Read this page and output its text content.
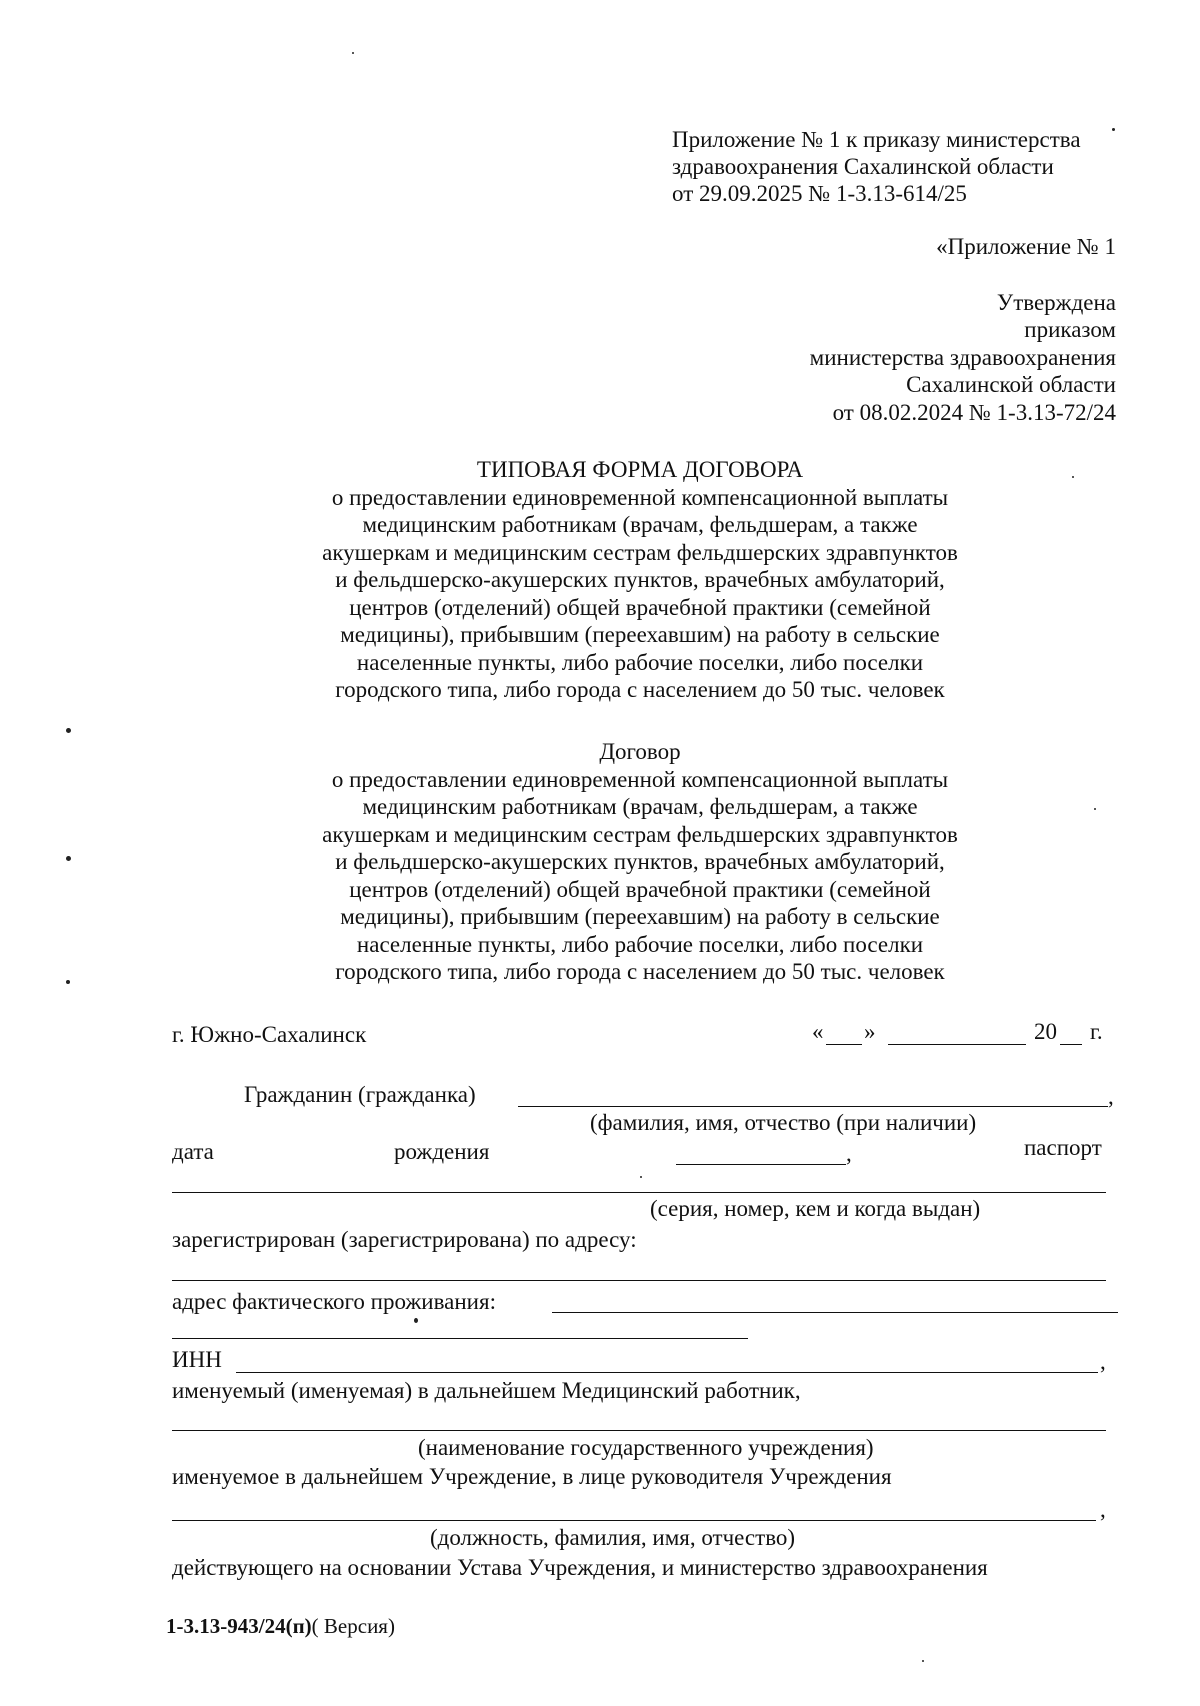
Приложение № 1 к приказу министерства
здравоохранения Сахалинской области
от 29.09.2025 № 1-3.13-614/25
«Приложение № 1
Утверждена
приказом
министерства здравоохранения
Сахалинской области
от 08.02.2024 № 1-3.13-72/24
ТИПОВАЯ ФОРМА ДОГОВОРА
о предоставлении единовременной компенсационной выплаты
медицинским работникам (врачам, фельдшерам, а также
акушеркам и медицинским сестрам фельдшерских здравпунктов
и фельдшерско-акушерских пунктов, врачебных амбулаторий,
центров (отделений) общей врачебной практики (семейной
медицины), прибывшим (переехавшим) на работу в сельские
населенные пункты, либо рабочие поселки, либо поселки
городского типа, либо города с населением до 50 тыс. человек
Договор
о предоставлении единовременной компенсационной выплаты
медицинским работникам (врачам, фельдшерам, а также
акушеркам и медицинским сестрам фельдшерских здравпунктов
и фельдшерско-акушерских пунктов, врачебных амбулаторий,
центров (отделений) общей врачебной практики (семейной
медицины), прибывшим (переехавшим) на работу в сельские
населенные пункты, либо рабочие поселки, либо поселки
городского типа, либо города с населением до 50 тыс. человек
г. Южно-Сахалинск	« »	20 г.
Гражданин (гражданка)	,
(фамилия, имя, отчество (при наличии)
дата	рождения	,	паспорт
(серия, номер, кем и когда выдан)
зарегистрирован (зарегистрирована) по адресу:
адрес фактического проживания:
ИНН	,
именуемый (именуемая) в дальнейшем Медицинский работник,
(наименование государственного учреждения)
именуемое в дальнейшем Учреждение, в лице руководителя Учреждения
,
(должность, фамилия, имя, отчество)
действующего на основании Устава Учреждения, и министерство здравоохранения
1-3.13-943/24(п)( Версия)
